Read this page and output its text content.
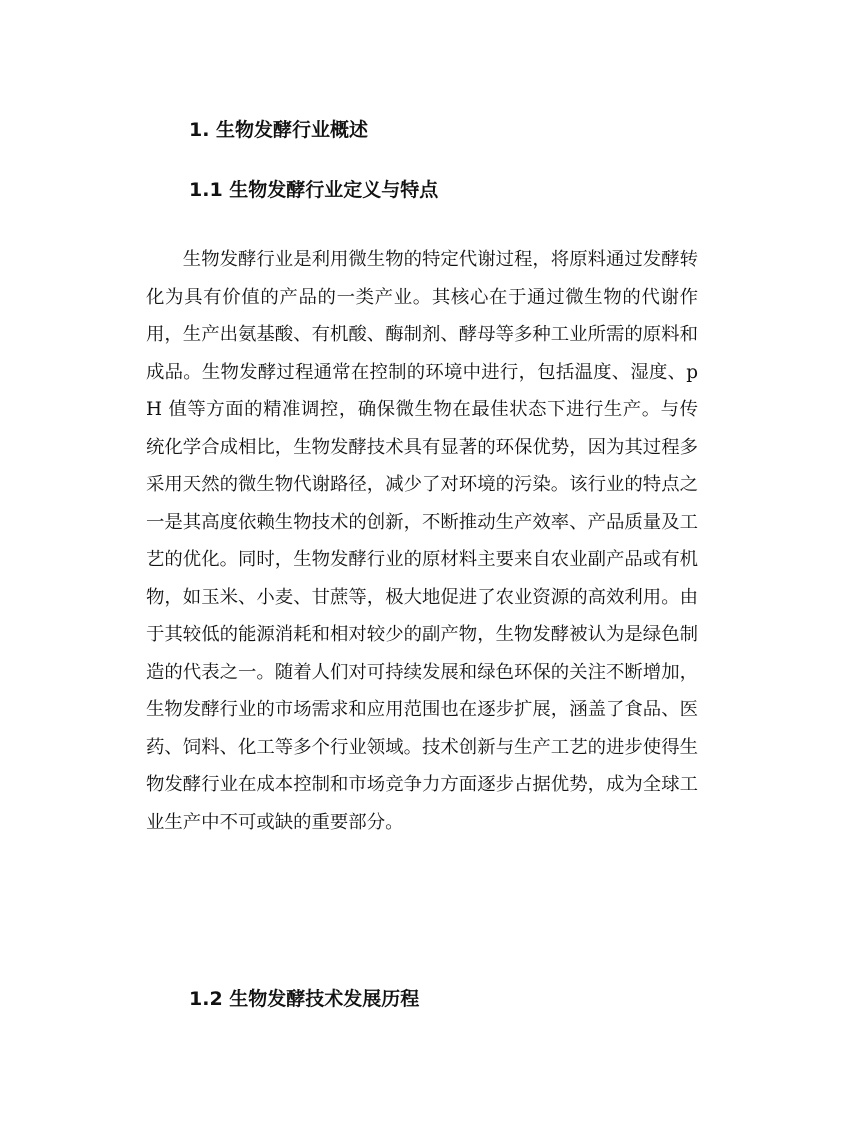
1. 生物发酵行业概述
1.1 生物发酵行业定义与特点
生物发酵行业是利用微生物的特定代谢过程，将原料通过发酵转化为具有价值的产品的一类产业。其核心在于通过微生物的代谢作用，生产出氨基酸、有机酸、酶制剂、酵母等多种工业所需的原料和成品。生物发酵过程通常在控制的环境中进行，包括温度、湿度、pH 值等方面的精准调控，确保微生物在最佳状态下进行生产。与传统化学合成相比，生物发酵技术具有显著的环保优势，因为其过程多采用天然的微生物代谢路径，减少了对环境的污染。该行业的特点之一是其高度依赖生物技术的创新，不断推动生产效率、产品质量及工艺的优化。同时，生物发酵行业的原材料主要来自农业副产品或有机物，如玉米、小麦、甘蔗等，极大地促进了农业资源的高效利用。由于其较低的能源消耗和相对较少的副产物，生物发酵被认为是绿色制造的代表之一。随着人们对可持续发展和绿色环保的关注不断增加，生物发酵行业的市场需求和应用范围也在逐步扩展，涵盖了食品、医药、饲料、化工等多个行业领域。技术创新与生产工艺的进步使得生物发酵行业在成本控制和市场竞争力方面逐步占据优势，成为全球工业生产中不可或缺的重要部分。
1.2 生物发酵技术发展历程
